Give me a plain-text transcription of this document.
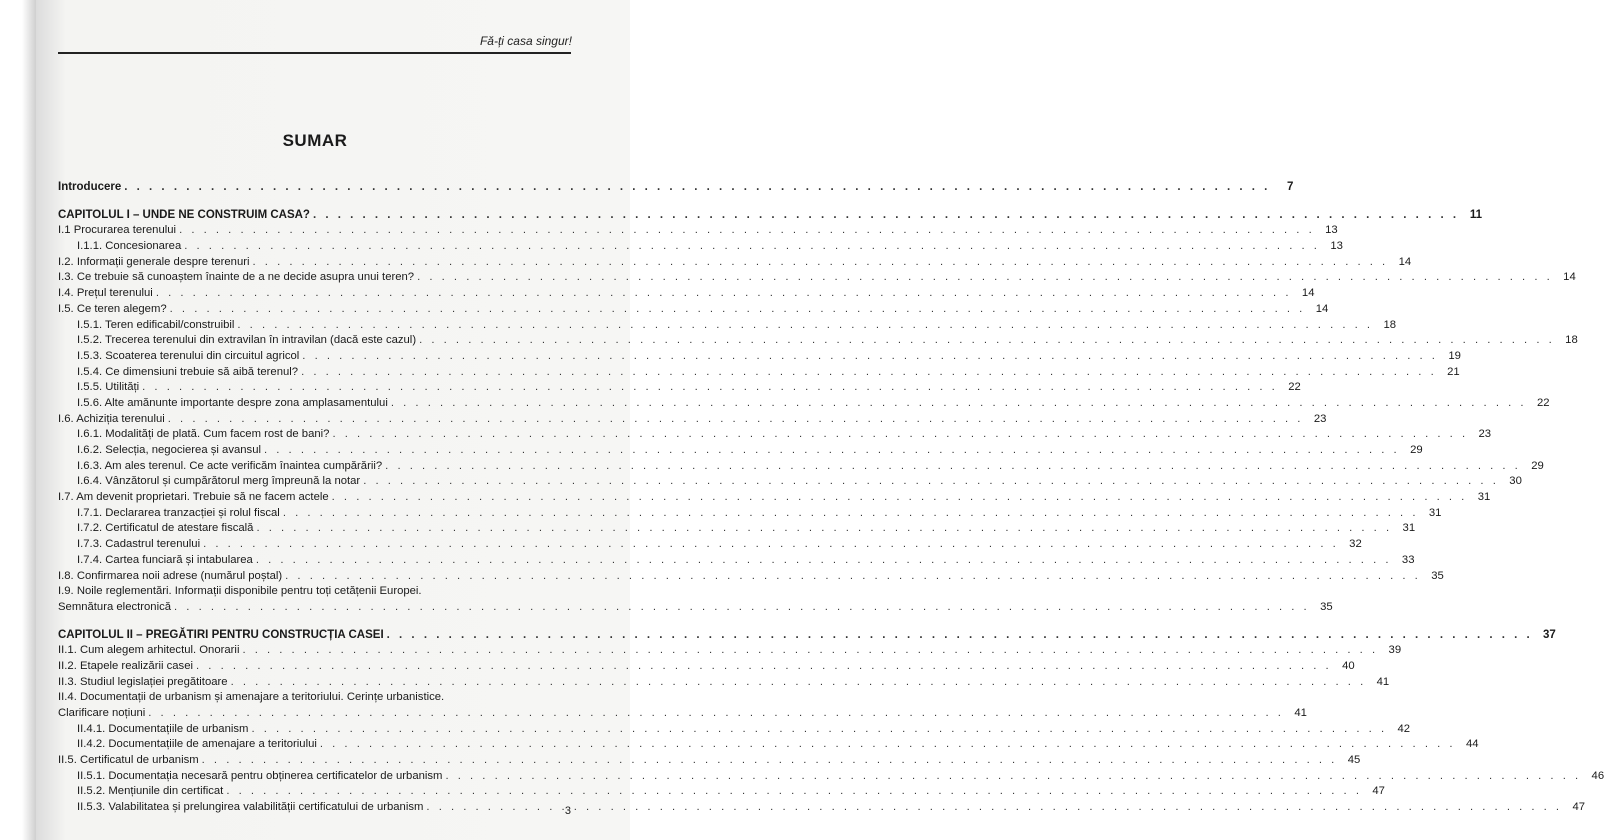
Fă-ți casa singur!
SUMAR
Introducere . . .	7
CAPITOLUL I – UNDE NE CONSTRUIM CASA? . . .	11
I.1 Procurarea terenului . . .	13
I.1.1. Concesionarea . . .	13
I.2. Informații generale despre terenuri . . .	14
I.3. Ce trebuie să cunoaștem înainte de a ne decide asupra unui teren? . . .	14
I.4. Prețul terenului . . .	14
I.5. Ce teren alegem? . . .	14
I.5.1. Teren edificabil/construibil . . .	18
I.5.2. Trecerea terenului din extravilan în intravilan (dacă este cazul) . . .	18
I.5.3. Scoaterea terenului din circuitul agricol . . .	19
I.5.4. Ce dimensiuni trebuie să aibă terenul? . . .	21
I.5.5. Utilități . . .	22
I.5.6. Alte amănunte importante despre zona amplasamentului . . .	22
I.6. Achiziția terenului . . .	23
I.6.1. Modalități de plată. Cum facem rost de bani? . . .	23
I.6.2. Selecția, negocierea și avansul . . .	29
I.6.3. Am ales terenul. Ce acte verificăm înaintea cumpărării? . . .	29
I.6.4. Vânzătorul și cumpărătorul merg împreună la notar . . .	30
I.7. Am devenit proprietari. Trebuie să ne facem actele . . .	31
I.7.1. Declararea tranzacției și rolul fiscal . . .	31
I.7.2. Certificatul de atestare fiscală . . .	31
I.7.3. Cadastrul terenului . . .	32
I.7.4. Cartea funciară și intabularea . . .	33
I.8. Confirmarea noii adrese (numărul poștal) . . .	35
I.9. Noile reglementări. Informații disponibile pentru toți cetățenii Europei.
Semnătura electronică . . .	35
CAPITOLUL II – PREGĂTIRI PENTRU CONSTRUCȚIA CASEI . . .	37
II.1. Cum alegem arhitectul. Onorarii . . .	39
II.2. Etapele realizării casei . . .	40
II.3. Studiul legislației pregătitoare . . .	41
II.4. Documentații de urbanism și amenajare a teritoriului. Cerințe urbanistice.
Clarificare noțiuni . . .	41
II.4.1. Documentațiile de urbanism . . .	42
II.4.2. Documentațiile de amenajare a teritoriului . . .	44
II.5. Certificatul de urbanism . . .	45
II.5.1. Documentația necesară pentru obținerea certificatelor de urbanism . . .	46
II.5.2. Mențiunile din certificat . . .	47
II.5.3. Valabilitatea și prelungirea valabilității certificatului de urbanism . . .	47
3
